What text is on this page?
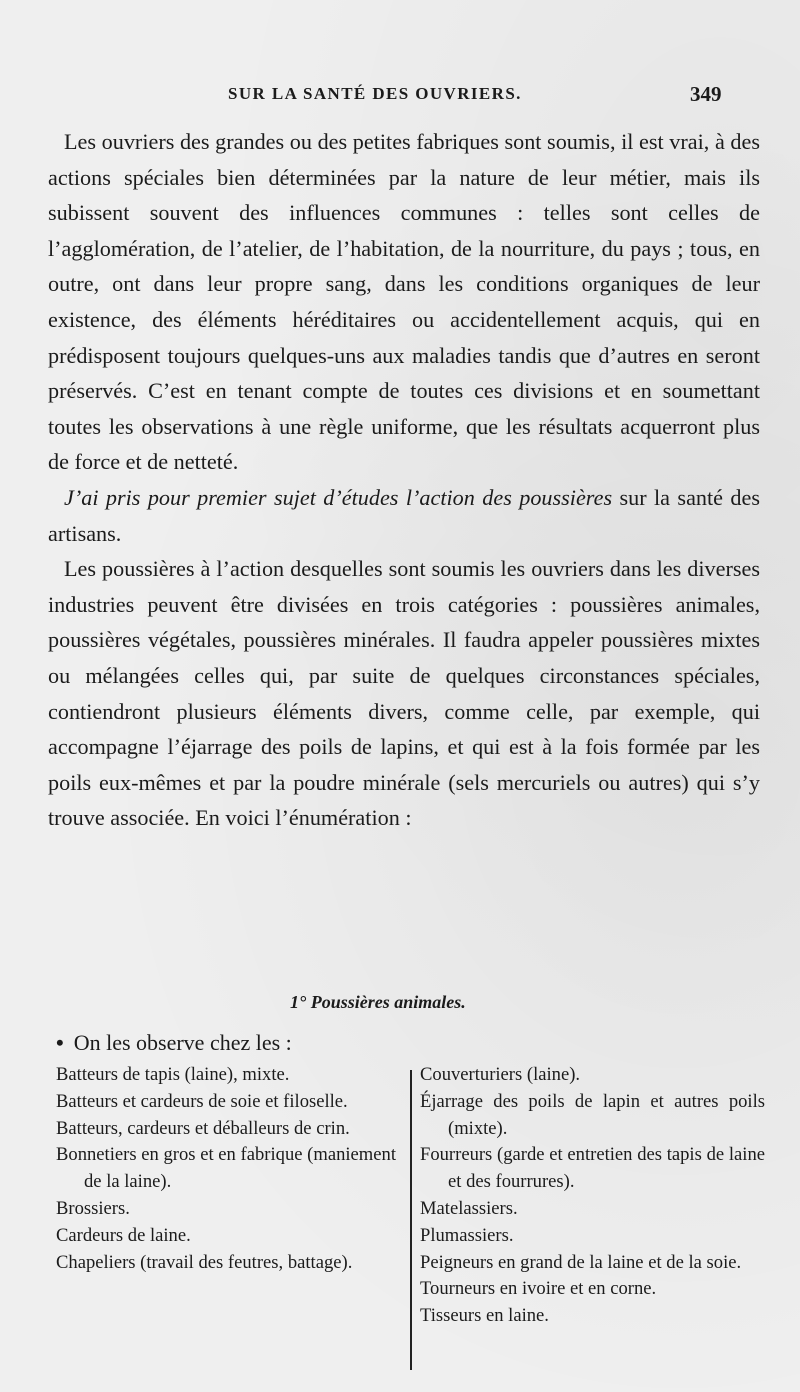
SUR LA SANTÉ DES OUVRIERS.	349

Les ouvriers des grandes ou des petites fabriques sont soumis, il est vrai, à des actions spéciales bien déterminées par la nature de leur métier, mais ils subissent souvent des influences communes : telles sont celles de l’agglomération, de l’atelier, de l’habitation, de la nourriture, du pays ; tous, en outre, ont dans leur propre sang, dans les conditions organiques de leur existence, des éléments héréditaires ou accidentellement acquis, qui en prédisposent toujours quelques-uns aux maladies tandis que d’autres en seront préservés. C’est en tenant compte de toutes ces divisions et en soumettant toutes les observations à une règle uniforme, que les résultats acquerront plus de force et de netteté.

J’ai pris pour premier sujet d’études l’action des poussières sur la santé des artisans.

Les poussières à l’action desquelles sont soumis les ouvriers dans les diverses industries peuvent être divisées en trois catégories : poussières animales, poussières végétales, poussières minérales. Il faudra appeler poussières mixtes ou mélangées celles qui, par suite de quelques circonstances spéciales, contiendront plusieurs éléments divers, comme celle, par exemple, qui accompagne l’éjarrage des poils de lapins, et qui est à la fois formée par les poils eux-mêmes et par la poudre minérale (sels mercuriels ou autres) qui s’y trouve associée. En voici l’énumération :

1° Poussières animales.
• On les observe chez les :

Batteurs de tapis (laine), mixte.

Batteurs et cardeurs de soie et filoselle.

Batteurs, cardeurs et déballeurs de crin.

Bonnetiers en gros et en fabrique (maniement de la laine).

Brossiers.

Cardeurs de laine.

Chapeliers (travail des feutres, battage).

Couverturiers (laine).

Éjarrage des poils de lapin et autres poils (mixte).

Fourreurs (garde et entretien des tapis de laine et des fourrures).

Matelassiers.

Plumassiers.

Peigneurs en grand de la laine et de la soie.

Tourneurs en ivoire et en corne.

Tisseurs en laine.
